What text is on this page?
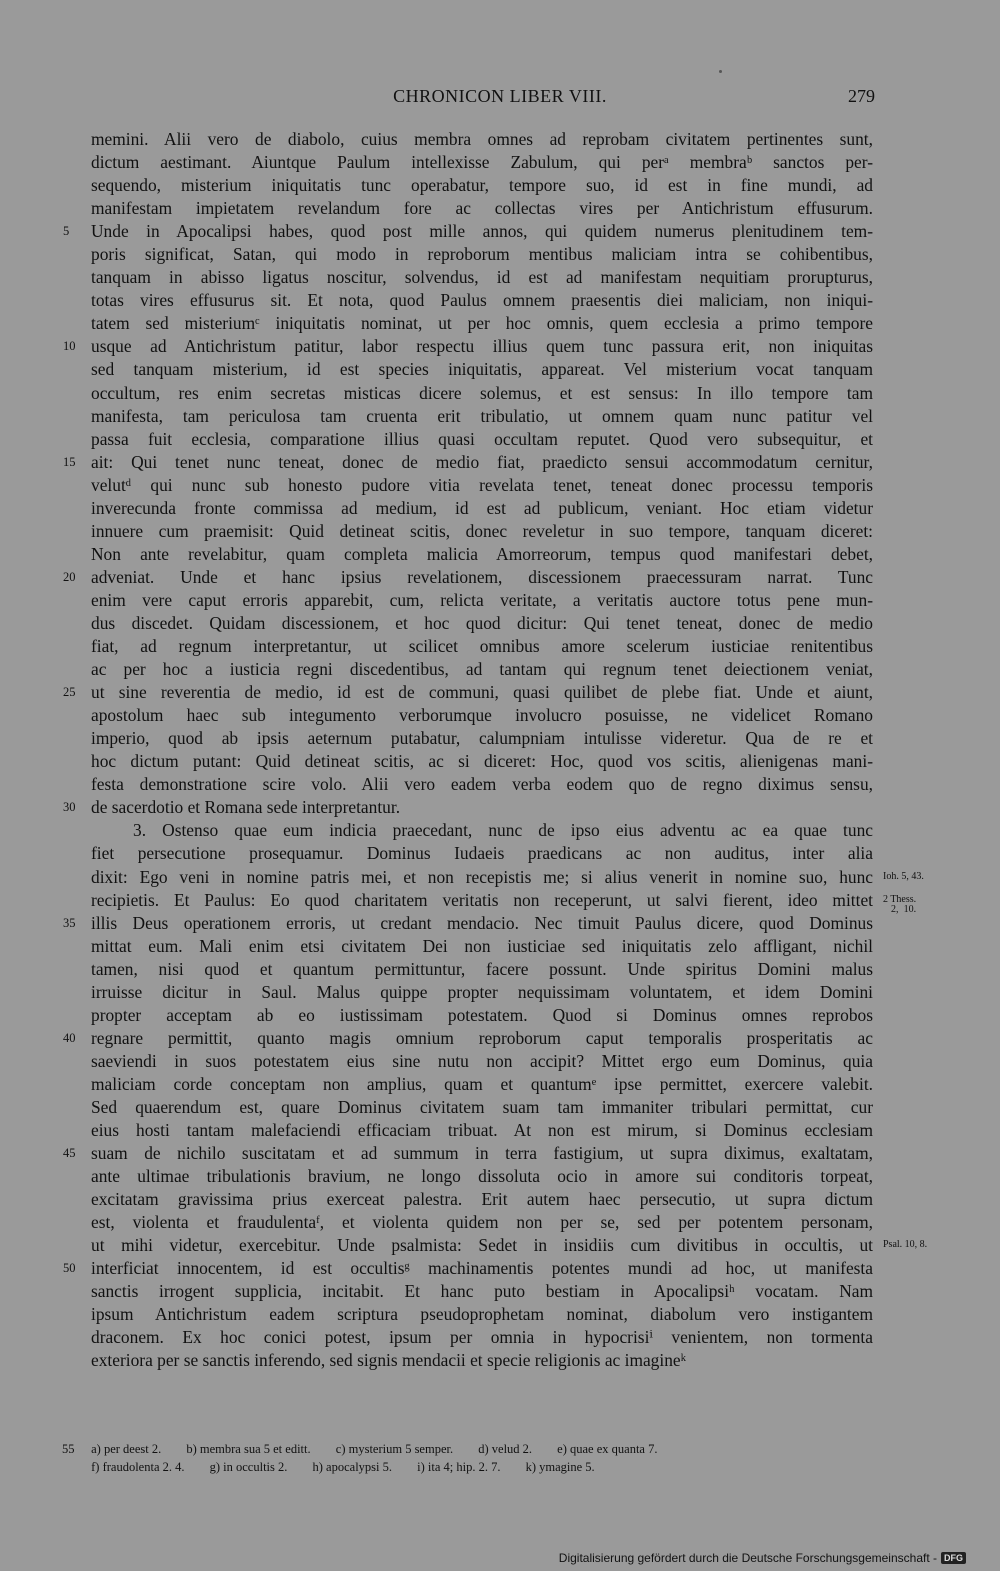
CHRONICON LIBER VIII.	279
memini. Alii vero de diabolo, cuius membra omnes ad reprobam civitatem pertinentes sunt,
dictum aestimant. Aiuntque Paulum intellexisse Zabulum, qui perᵃ membraᵇ sanctos per-
sequendo, misterium iniquitatis tunc operabatur, tempore suo, id est in fine mundi, ad
manifestam impietatem revelandum fore ac collectas vires per Antichristum effusurum.
5	Unde in Apocalipsi habes, quod post mille annos, qui quidem numerus plenitudinem tem-
poris significat, Satan, qui modo in reproborum mentibus maliciam intra se cohibentibus,
tanquam in abisso ligatus noscitur, solvendus, id est ad manifestam nequitiam prorupturus,
totas vires effusurus sit. Et nota, quod Paulus omnem praesentis diei maliciam, non iniqui-
tatem sed misteriumᶜ iniquitatis nominat, ut per hoc omnis, quem ecclesia a primo tempore
10 usque ad Antichristum patitur, labor respectu illius quem tunc passura erit, non iniquitas
sed tanquam misterium, id est species iniquitatis, appareat. Vel misterium vocat tanquam
occultum, res enim secretas misticas dicere solemus, et est sensus: In illo tempore tam
manifesta, tam periculosa tam cruenta erit tribulatio, ut omnem quam nunc patitur vel
passa fuit ecclesia, comparatione illius quasi occultam reputet. Quod vero subsequitur, et
15 ait: Qui tenet nunc teneat, donec de medio fiat, praedicto sensui accommodatum cernitur,
velutᵈ qui nunc sub honesto pudore vitia revelata tenet, teneat donec processu temporis
inverecunda fronte commissa ad medium, id est ad publicum, veniant. Hoc etiam videtur
innuere cum praemisit: Quid detineat scitis, donec reveletur in suo tempore, tanquam diceret:
Non ante revelabitur, quam completa malicia Amorreorum, tempus quod manifestari debet,
20 adveniat. Unde et hanc ipsius revelationem, discessionem praecessuram narrat. Tunc
enim vere caput erroris apparebit, cum, relicta veritate, a veritatis auctore totus pene mun-
dus discedet. Quidam discessionem, et hoc quod dicitur: Qui tenet teneat, donec de medio
fiat, ad regnum interpretantur, ut scilicet omnibus amore scelerum iusticiae renitentibus
ac per hoc a iusticia regni discedentibus, ad tantam qui regnum tenet deiectionem veniat,
25 ut sine reverentia de medio, id est de communi, quasi quilibet de plebe fiat. Unde et aiunt,
apostolum haec sub integumento verborumque involucro posuisse, ne videlicet Romano
imperio, quod ab ipsis aeternum putabatur, calumpniam intulisse videretur. Qua de re et
hoc dictum putant: Quid detineat scitis, ac si diceret: Hoc, quod vos scitis, alienigenas mani-
festa demonstratione scire volo. Alii vero eadem verba eodem quo de regno diximus sensu,
30 de sacerdotio et Romana sede interpretantur.
3. Ostenso quae eum indicia praecedant, nunc de ipso eius adventu ac ea quae tunc
fiet persecutione prosequamur. Dominus Iudaeis praedicans ac non auditus, inter alia
dixit: Ego veni in nomine patris mei, et non recepistis me; si alius venerit in nomine suo, hunc Ioh. 5, 43.
recipietis. Et Paulus: Eo quod charitatem veritatis non receperunt, ut salvi fierent, ideo mittet 2 Thess.
2, 10.
35 illis Deus operationem erroris, ut credant mendacio. Nec timuit Paulus dicere, quod Dominus
mittat eum. Mali enim etsi civitatem Dei non iusticiae sed iniquitatis zelo affligant, nichil
tamen, nisi quod et quantum permittuntur, facere possunt. Unde spiritus Domini malus
irruisse dicitur in Saul. Malus quippe propter nequissimam voluntatem, et idem Domini
propter acceptam ab eo iustissimam potestatem. Quod si Dominus omnes reprobos
40 regnare permittit, quanto magis omnium reproborum caput temporalis prosperitatis ac
saeviendi in suos potestatem eius sine nutu non accipit? Mittet ergo eum Dominus, quia
maliciam corde conceptam non amplius, quam et quantumᵉ ipse permittet, exercere valebit.
Sed quaerendum est, quare Dominus civitatem suam tam immaniter tribulari permittat, cur
eius hosti tantam malefaciendi efficaciam tribuat. At non est mirum, si Dominus ecclesiam
45 suam de nichilo suscitatam et ad summum in terra fastigium, ut supra diximus, exaltatam,
ante ultimae tribulationis bravium, ne longo dissoluta ocio in amore sui conditoris torpeat,
excitatam gravissima prius exerceat palestra. Erit autem haec persecutio, ut supra dictum
est, violenta et fraudulentaᶠ, et violenta quidem non per se, sed per potentem personam,
ut mihi videtur, exercebitur. Unde psalmista: Sedet in insidiis cum divitibus in occultis, ut Psal. 10, 8.
50 interficiat innocentem, id est occultisᵍ machinamentis potentes mundi ad hoc, ut manifesta
sanctis irrogent supplicia, incitabit. Et hanc puto bestiam in Apocalipsiʰ vocatam. Nam
ipsum Antichristum eadem scriptura pseudoprophetam nominat, diabolum vero instigantem
draconem. Ex hoc conici potest, ipsum per omnia in hypocrisiⁱ venientem, non tormenta
exteriora per se sanctis inferendo, sed signis mendacii et specie religionis ac imagineᵏ
55 a) per deest 2. b) membra sua 5 et editt. c) mysterium 5 semper. d) velud 2. e) quae ex quanta 7.
f) fraudolenta 2. 4. g) in occultis 2. h) apocalypsi 5. i) ita 4; hip. 2. 7. k) ymagine 5.
Digitalisierung gefördert durch die Deutsche Forschungsgemeinschaft - DFG
